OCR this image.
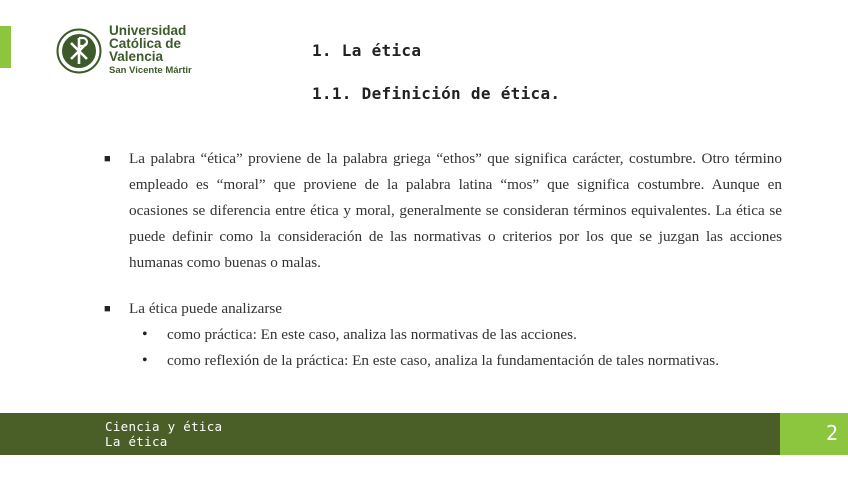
Universidad
Católica de
Valencia
San Vicente Mártir
1. La ética
1.1. Definición de ética.
■	La palabra “ética” proviene de la palabra griega “ethos” que significa carácter, costumbre. Otro término empleado es “moral” que proviene de la palabra latina “mos” que significa costumbre. Aunque en ocasiones se diferencia entre ética y moral, generalmente se consideran términos equivalentes. La ética se puede definir como la consideración de las normativas o criterios por los que se juzgan las acciones humanas como buenas o malas.
■	La ética puede analizarse
•	como práctica: En este caso, analiza las normativas de las acciones.
•	como reflexión de la práctica: En este caso, analiza la fundamentación de tales normativas.
Ciencia y ética
La ética	2
